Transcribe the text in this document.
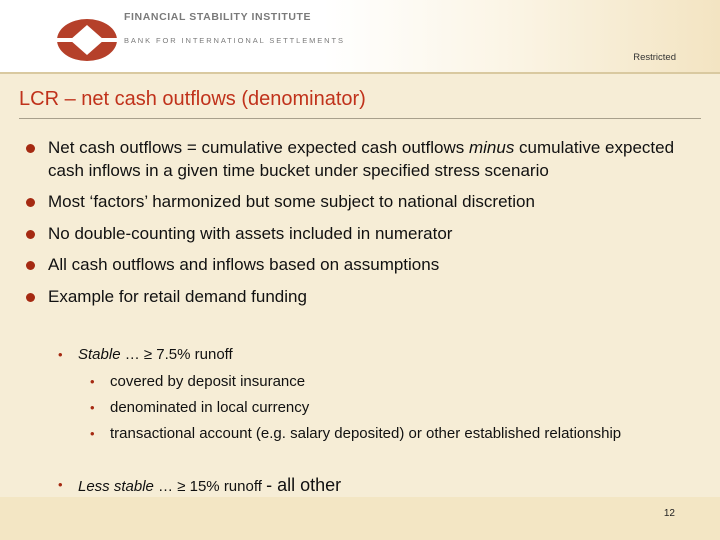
FINANCIAL STABILITY INSTITUTE
BANK FOR INTERNATIONAL SETTLEMENTS
Restricted
LCR – net cash outflows (denominator)
Net cash outflows = cumulative expected cash outflows minus cumulative expected cash inflows in a given time bucket under specified stress scenario
Most ‘factors’ harmonized but some subject to national discretion
No double-counting with assets included in numerator
All cash outflows and inflows based on assumptions
Example for retail demand funding
• Stable … ≥ 7.5% runoff
• covered by deposit insurance
• denominated in local currency
• transactional account (e.g. salary deposited) or other established relationship
• Less stable … ≥ 15% runoff - all other
12
